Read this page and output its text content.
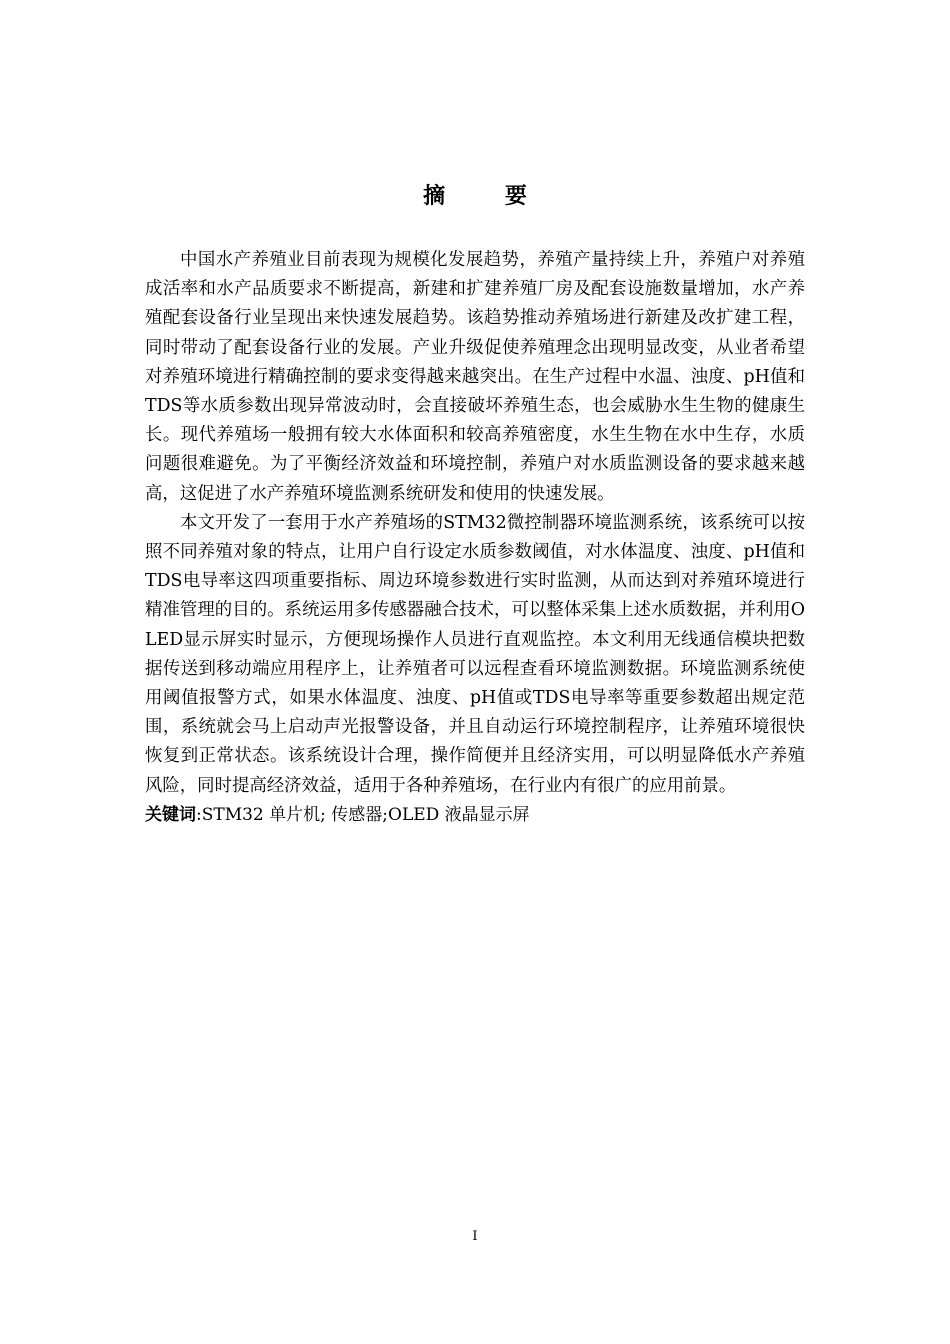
摘 要

中国水产养殖业目前表现为规模化发展趋势，养殖产量持续上升，养殖户对养殖成活率和水产品质要求不断提高，新建和扩建养殖厂房及配套设施数量增加，水产养殖配套设备行业呈现出来快速发展趋势。该趋势推动养殖场进行新建及改扩建工程，同时带动了配套设备行业的发展。产业升级促使养殖理念出现明显改变，从业者希望对养殖环境进行精确控制的要求变得越来越突出。在生产过程中水温、浊度、pH值和TDS等水质参数出现异常波动时，会直接破坏养殖生态，也会威胁水生生物的健康生长。现代养殖场一般拥有较大水体面积和较高养殖密度，水生生物在水中生存，水质问题很难避免。为了平衡经济效益和环境控制，养殖户对水质监测设备的要求越来越高，这促进了水产养殖环境监测系统研发和使用的快速发展。

本文开发了一套用于水产养殖场的STM32微控制器环境监测系统，该系统可以按照不同养殖对象的特点，让用户自行设定水质参数阈值，对水体温度、浊度、pH值和TDS电导率这四项重要指标、周边环境参数进行实时监测，从而达到对养殖环境进行精准管理的目的。系统运用多传感器融合技术，可以整体采集上述水质数据，并利用OLED显示屏实时显示，方便现场操作人员进行直观监控。本文利用无线通信模块把数据传送到移动端应用程序上，让养殖者可以远程查看环境监测数据。环境监测系统使用阈值报警方式，如果水体温度、浊度、pH值或TDS电导率等重要参数超出规定范围，系统就会马上启动声光报警设备，并且自动运行环境控制程序，让养殖环境很快恢复到正常状态。该系统设计合理，操作简便并且经济实用，可以明显降低水产养殖风险，同时提高经济效益，适用于各种养殖场，在行业内有很广的应用前景。

关键词:STM32 单片机; 传感器;OLED 液晶显示屏

I
